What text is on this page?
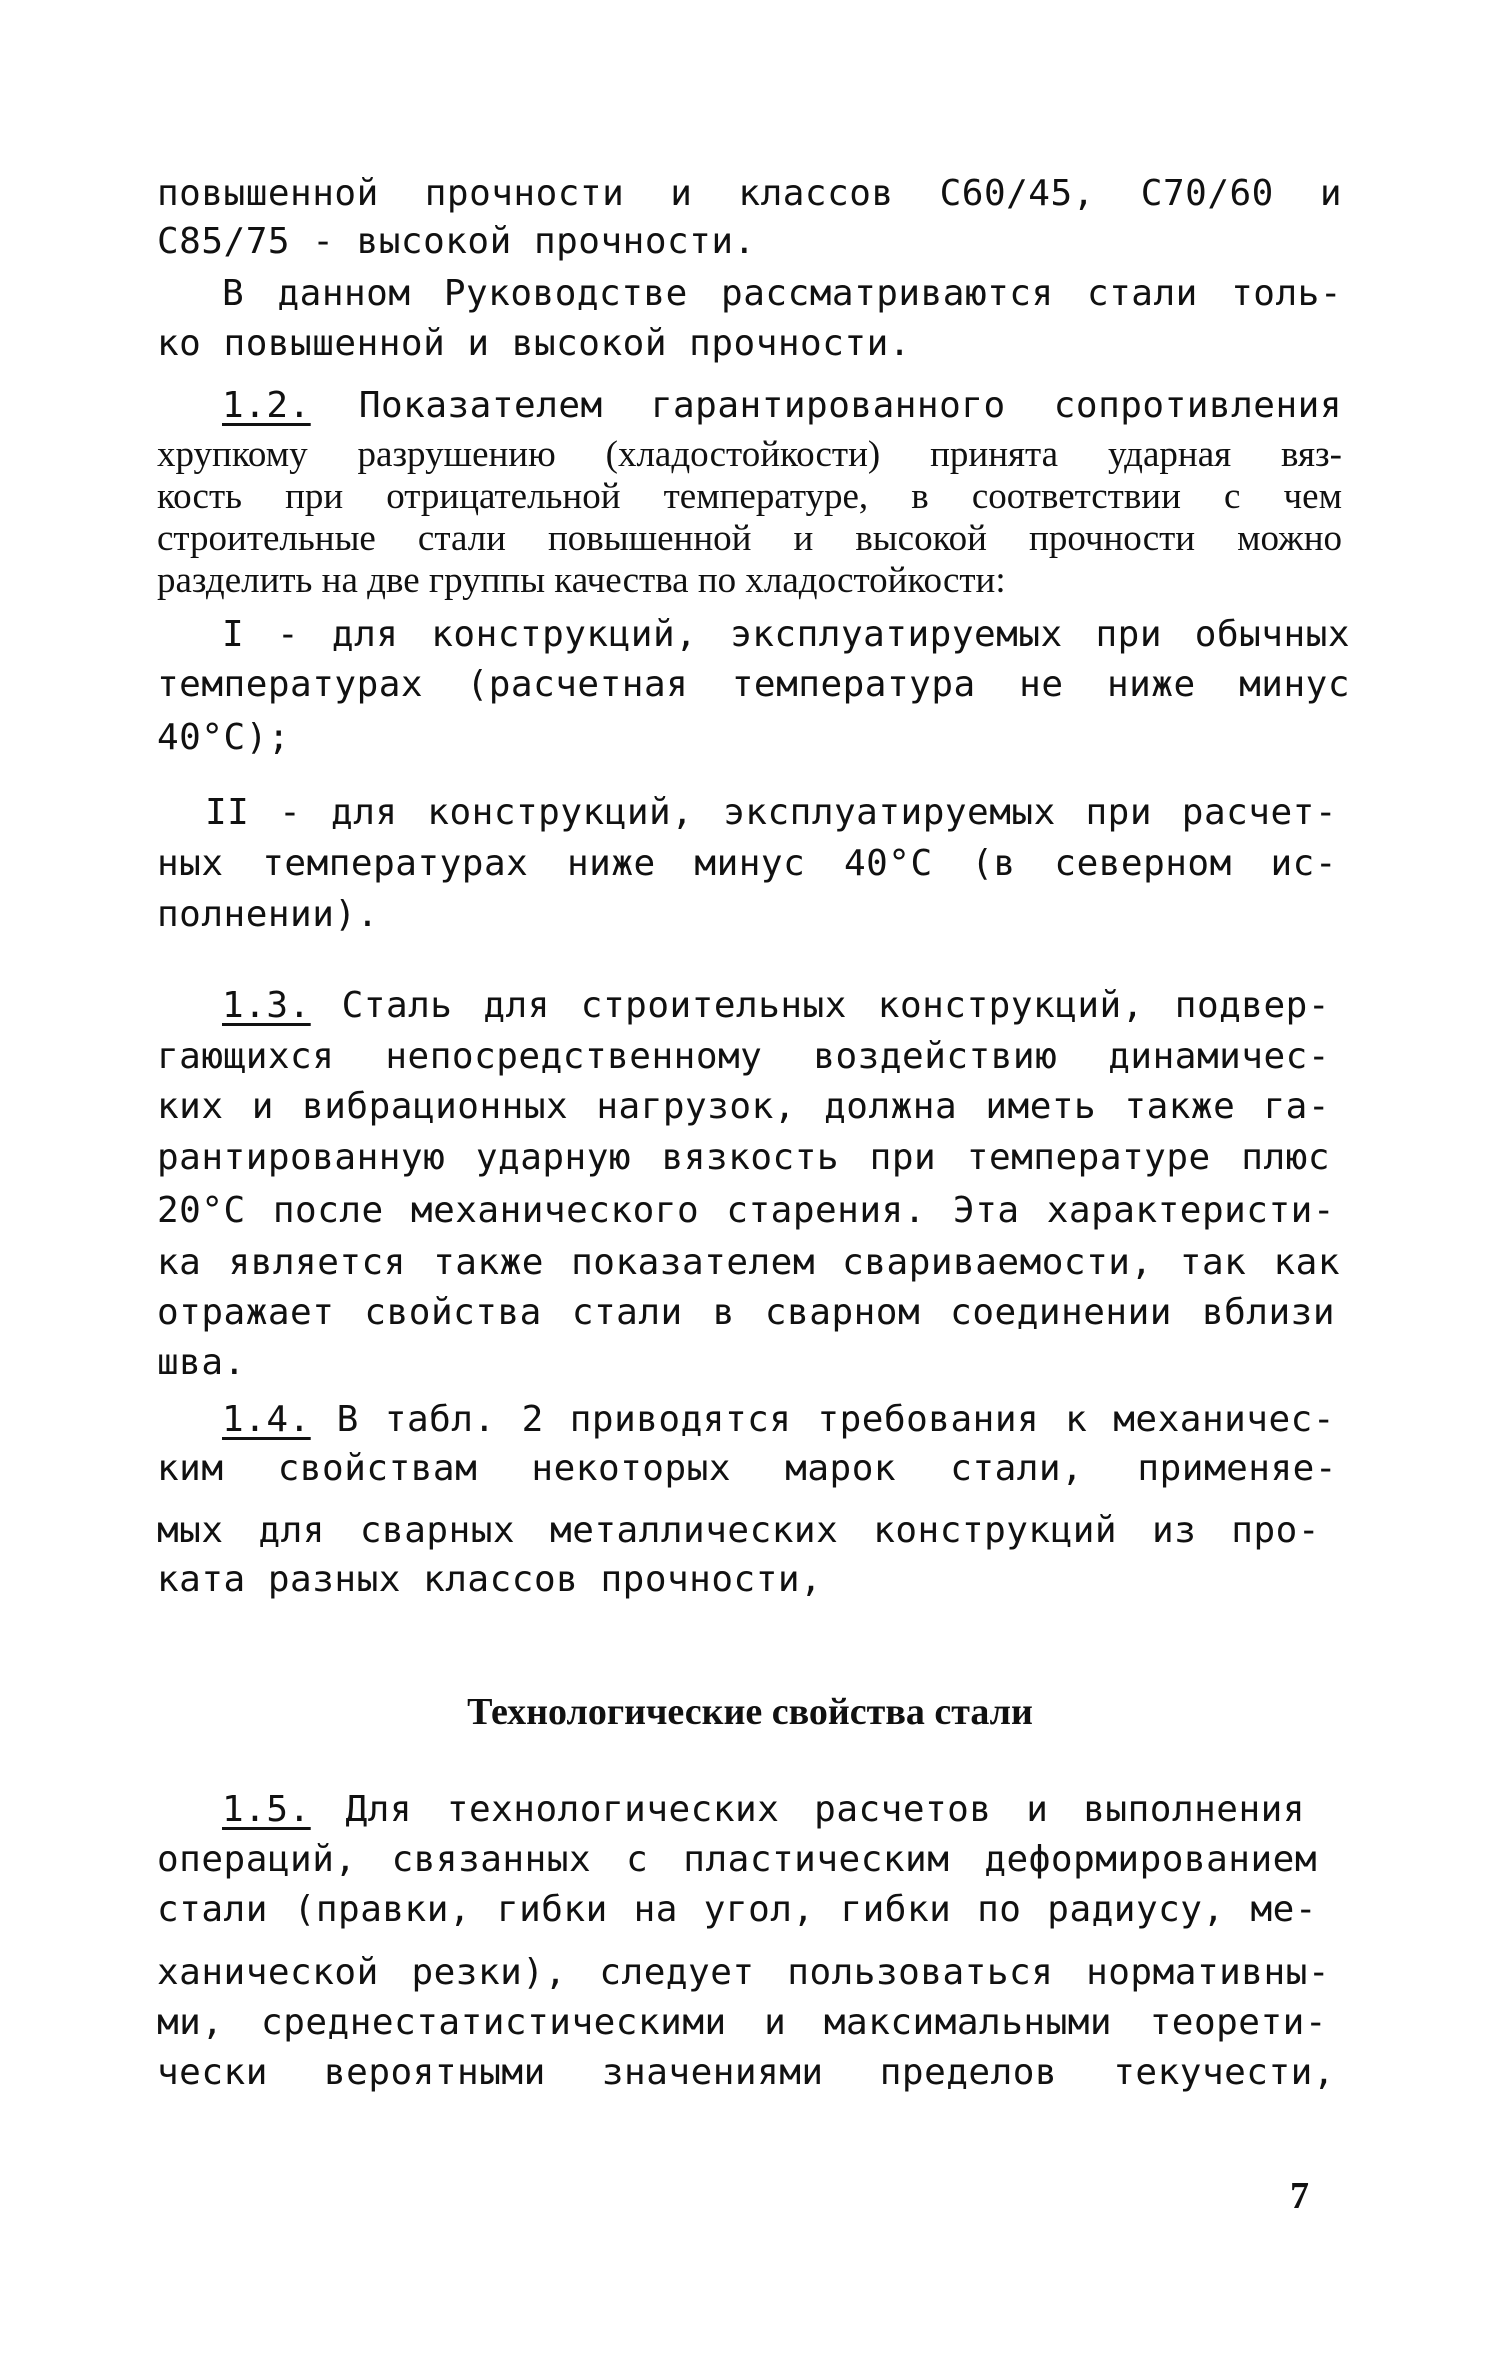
повышенной прочности и классов С60/45, С70/60 и
С85/75 - высокой прочности.
В данном Руководстве рассматриваются стали толь-
ко повышенной и высокой прочности.
1.2. Показателем гарантированного сопротивления
хрупкому разрушению (хладостойкости) принята ударная вяз-
кость при отрицательной температуре, в соответствии с чем
строительные стали повышенной и высокой прочности можно
разделить на две группы качества по хладостойкости:
I - для конструкций, эксплуатируемых при обычных
температурах (расчетная температура не ниже минус
40°С);
II - для конструкций, эксплуатируемых при расчет-
ных температурах ниже минус 40°С (в северном ис-
полнении).
1.3. Сталь для строительных конструкций, подвер-
гающихся непосредственному воздействию динамичес-
ких и вибрационных нагрузок, должна иметь также га-
рантированную ударную вязкость при температуре плюс
20°С после механического старения. Эта характеристи-
ка является также показателем свариваемости, так как
отражает свойства стали в сварном соединении вблизи
шва.
1.4. В табл. 2 приводятся требования к механичес-
ким свойствам некоторых марок стали, применяе-
мых для сварных металлических конструкций из про-
ката разных классов прочности,
Технологические свойства стали
1.5. Для технологических расчетов и выполнения
операций, связанных с пластическим деформированием
стали (правки, гибки на угол, гибки по радиусу, ме-
ханической резки), следует пользоваться нормативны-
ми, среднестатистическими и максимальными теорети-
чески вероятными значениями пределов текучести,
7
